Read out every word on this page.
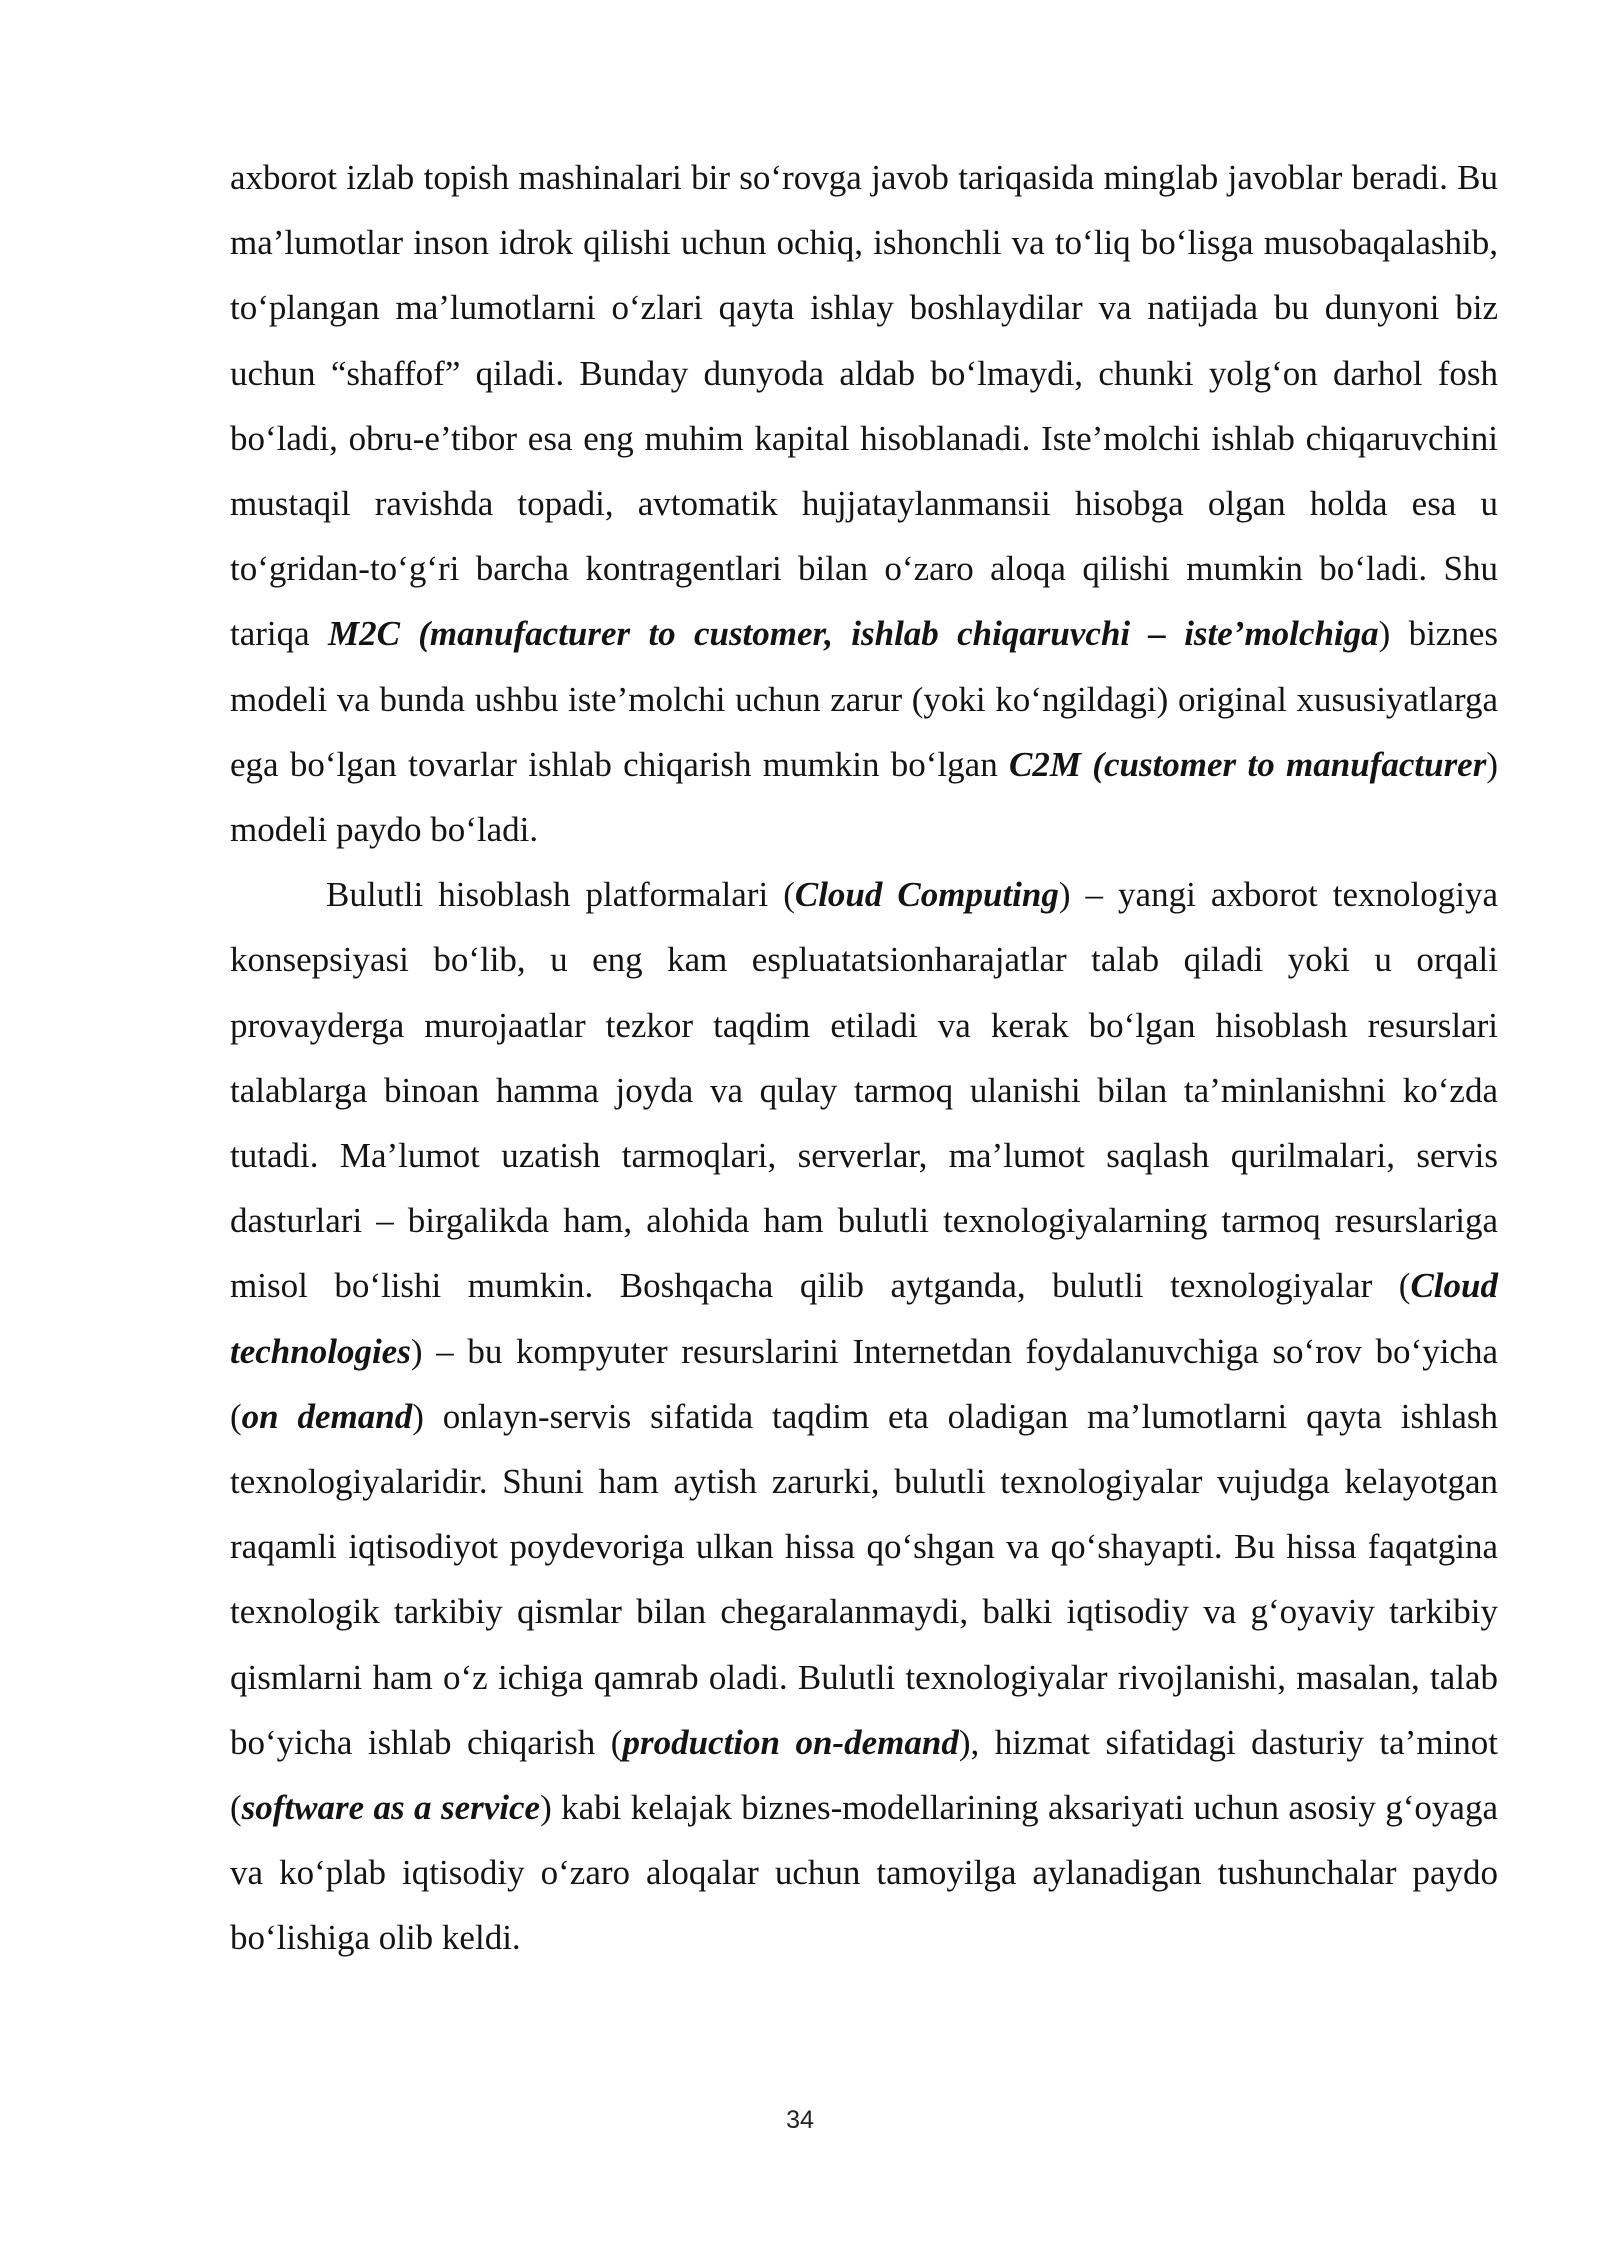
axborot izlab topish mashinalari bir so‘rovga javob tariqasida minglab javoblar beradi. Bu ma’lumotlar inson idrok qilishi uchun ochiq, ishonchli va to‘liq bo‘lisga musobaqalashib, to‘plangan ma’lumotlarni o‘zlari qayta ishlay boshlaydilar va natijada bu dunyoni biz uchun “shaffof” qiladi. Bunday dunyoda aldab bo‘lmaydi, chunki yolg‘on darhol fosh bo‘ladi, obru-e’tibor esa eng muhim kapital hisoblanadi. Iste’molchi ishlab chiqaruvchini mustaqil ravishda topadi, avtomatik hujjataylanmansii hisobga olgan holda esa u to‘gridan-to‘g‘ri barcha kontragentlari bilan o‘zaro aloqa qilishi mumkin bo‘ladi. Shu tariqa M2C (manufacturer to customer, ishlab chiqaruvchi – iste’molchiga) biznes modeli va bunda ushbu iste’molchi uchun zarur (yoki ko‘ngildagi) original xususiyatlarga ega bo‘lgan tovarlar ishlab chiqarish mumkin bo‘lgan C2M (customer to manufacturer) modeli paydo bo‘ladi.

Bulutli hisoblash platformalari (Cloud Computing) – yangi axborot texnologiya konsepsiyasi bo‘lib, u eng kam espluatatsionharajatlar talab qiladi yoki u orqali provayderga murojaatlar tezkor taqdim etiladi va kerak bo‘lgan hisoblash resurslari talablarga binoan hamma joyda va qulay tarmoq ulanishi bilan ta’minlanishni ko‘zda tutadi. Ma’lumot uzatish tarmoqlari, serverlar, ma’lumot saqlash qurilmalari, servis dasturlari – birgalikda ham, alohida ham bulutli texnologiyalarning tarmoq resurslariga misol bo‘lishi mumkin. Boshqacha qilib aytganda, bulutli texnologiyalar (Cloud technologies) – bu kompyuter resurslarini Internetdan foydalanuvchiga so‘rov bo‘yicha (on demand) onlayn-servis sifatida taqdim eta oladigan ma’lumotlarni qayta ishlash texnologiyalaridir. Shuni ham aytish zarurki, bulutli texnologiyalar vujudga kelayotgan raqamli iqtisodiyot poydevoriga ulkan hissa qo‘shgan va qo‘shayapti. Bu hissa faqatgina texnologik tarkibiy qismlar bilan chegaralanmaydi, balki iqtisodiy va g‘oyaviy tarkibiy qismlarni ham o‘z ichiga qamrab oladi. Bulutli texnologiyalar rivojlanishi, masalan, talab bo‘yicha ishlab chiqarish (production on-demand), hizmat sifatidagi dasturiy ta’minot (software as a service) kabi kelajak biznes-modellarining aksariyati uchun asosiy g‘oyaga va ko‘plab iqtisodiy o‘zaro aloqalar uchun tamoyilga aylanadigan tushunchalar paydo bo‘lishiga olib keldi.

34
